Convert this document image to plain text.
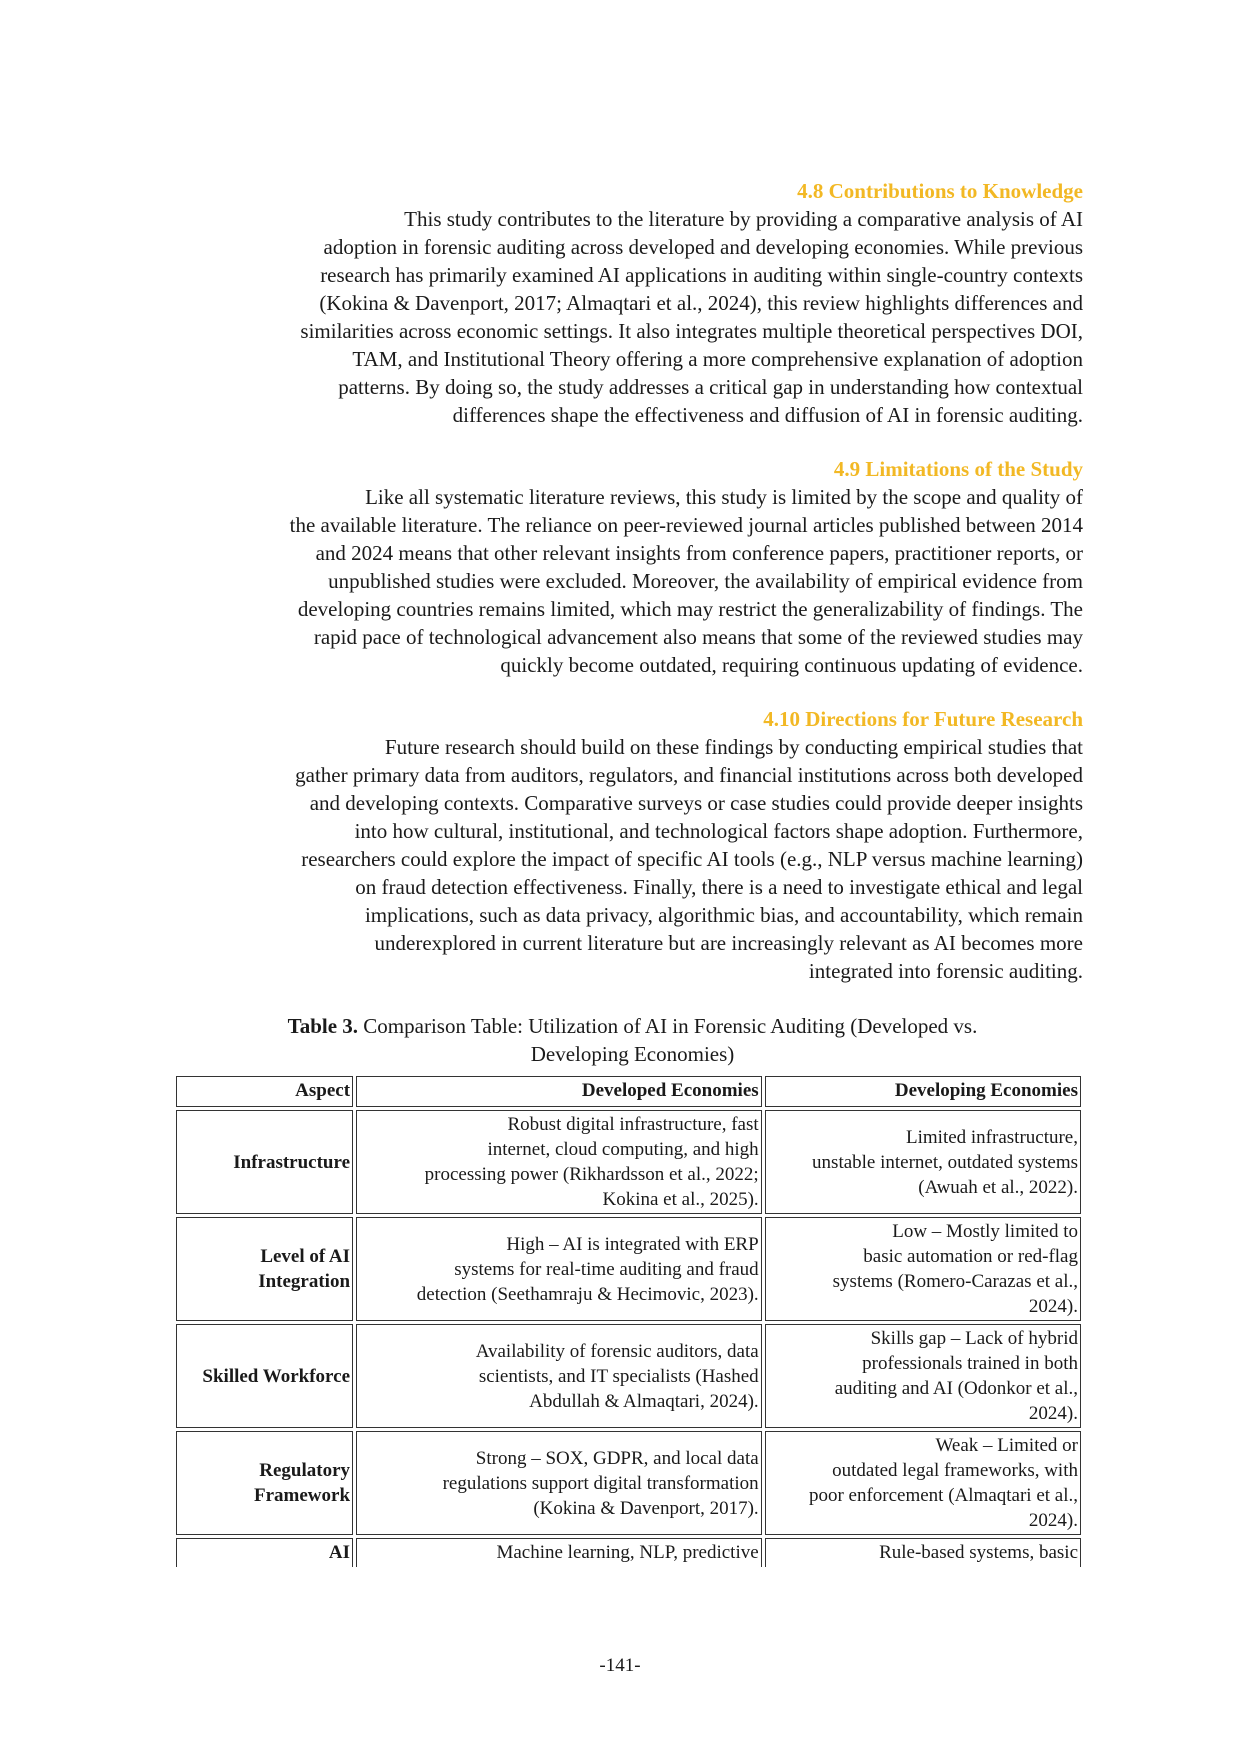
4.8 Contributions to Knowledge

This study contributes to the literature by providing a comparative analysis of AI
adoption in forensic auditing across developed and developing economies. While previous
research has primarily examined AI applications in auditing within single-country contexts
(Kokina & Davenport, 2017; Almaqtari et al., 2024), this review highlights differences and
similarities across economic settings. It also integrates multiple theoretical perspectives DOI,
TAM, and Institutional Theory offering a more comprehensive explanation of adoption
patterns. By doing so, the study addresses a critical gap in understanding how contextual
differences shape the effectiveness and diffusion of AI in forensic auditing.

4.9 Limitations of the Study

Like all systematic literature reviews, this study is limited by the scope and quality of
the available literature. The reliance on peer-reviewed journal articles published between 2014
and 2024 means that other relevant insights from conference papers, practitioner reports, or
unpublished studies were excluded. Moreover, the availability of empirical evidence from
developing countries remains limited, which may restrict the generalizability of findings. The
rapid pace of technological advancement also means that some of the reviewed studies may
quickly become outdated, requiring continuous updating of evidence.

4.10 Directions for Future Research

Future research should build on these findings by conducting empirical studies that
gather primary data from auditors, regulators, and financial institutions across both developed
and developing contexts. Comparative surveys or case studies could provide deeper insights
into how cultural, institutional, and technological factors shape adoption. Furthermore,
researchers could explore the impact of specific AI tools (e.g., NLP versus machine learning)
on fraud detection effectiveness. Finally, there is a need to investigate ethical and legal
implications, such as data privacy, algorithmic bias, and accountability, which remain
underexplored in current literature but are increasingly relevant as AI becomes more
integrated into forensic auditing.

Table 3. Comparison Table: Utilization of AI in Forensic Auditing (Developed vs.
Developing Economies)
Aspect	Developed Economies	Developing Economies

Infrastructure	Robust digital infrastructure, fast
internet, cloud computing, and high
processing power (Rikhardsson et al., 2022;
Kokina et al., 2025).	Limited infrastructure,
unstable internet, outdated systems
(Awuah et al., 2022).

Level of AI
Integration	High – AI is integrated with ERP
systems for real-time auditing and fraud
detection (Seethamraju & Hecimovic, 2023).	Low – Mostly limited to
basic automation or red-flag
systems (Romero-Carazas et al.,
2024).

Skilled Workforce	Availability of forensic auditors, data
scientists, and IT specialists (Hashed
Abdullah & Almaqtari, 2024).	Skills gap – Lack of hybrid
professionals trained in both
auditing and AI (Odonkor et al.,
2024).

Regulatory
Framework	Strong – SOX, GDPR, and local data
regulations support digital transformation
(Kokina & Davenport, 2017).	Weak – Limited or
outdated legal frameworks, with
poor enforcement (Almaqtari et al.,
2024).

AI	Machine learning, NLP, predictive	Rule-based systems, basic
-141-
